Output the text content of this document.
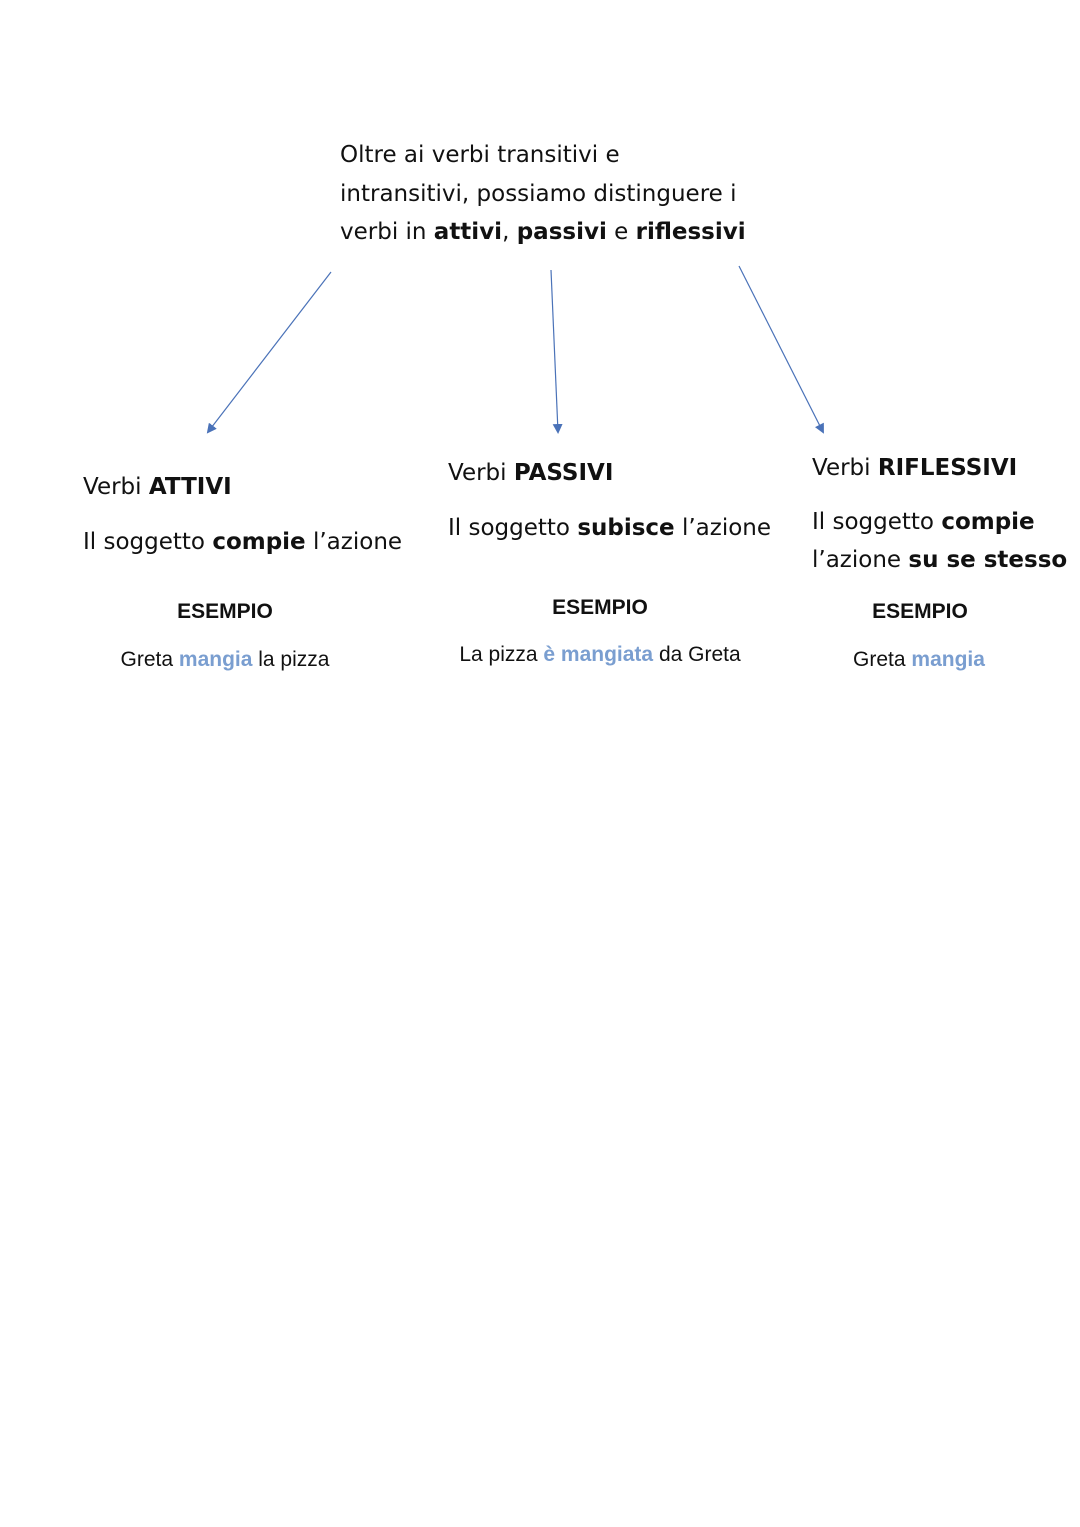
Oltre ai verbi transitivi e
intransitivi, possiamo distinguere i
verbi in attivi, passivi e riflessivi
Verbi ATTIVI
Il soggetto compie l’azione
ESEMPIO
Greta mangia la pizza
Verbi PASSIVI
Il soggetto subisce l’azione
ESEMPIO
La pizza è mangiata da Greta
Verbi RIFLESSIVI
Il soggetto compie
l’azione su se stesso
ESEMPIO
Greta mangia
